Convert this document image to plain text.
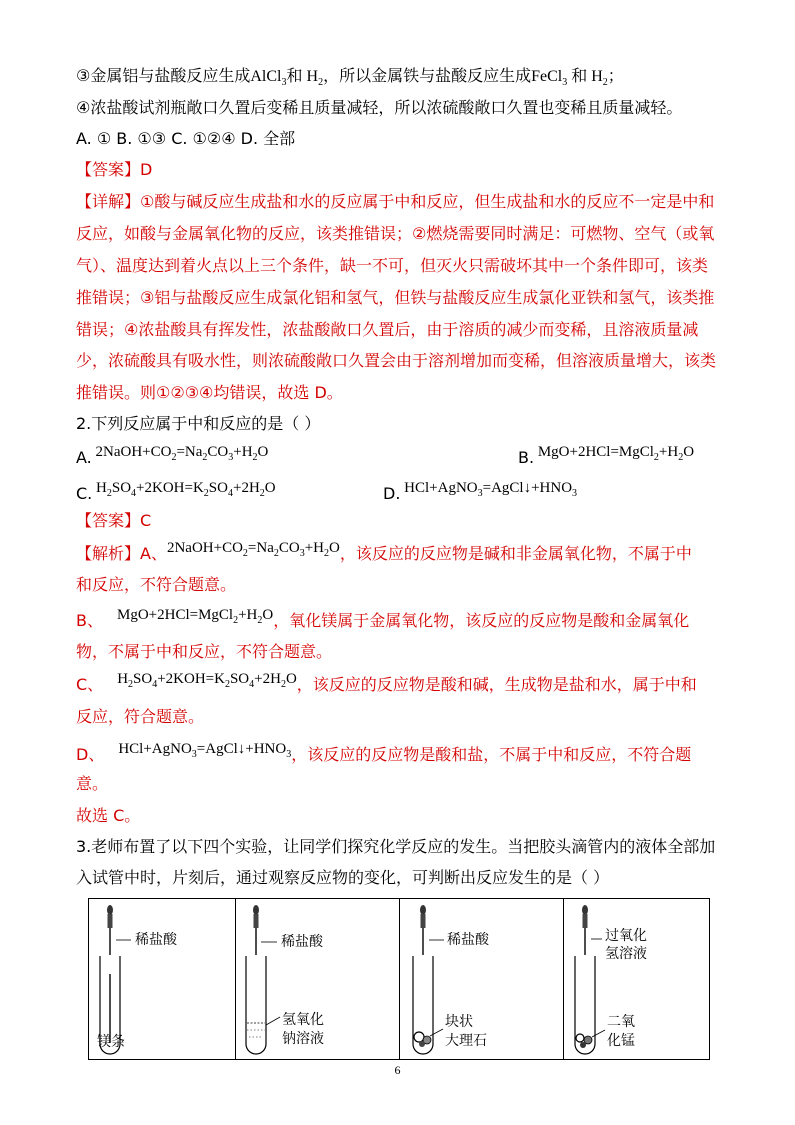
③金属铝与盐酸反应生成AlCl$_3$和 $H_2$，所以金属铁与盐酸反应生成FeCl$_3$ 和 $H_2$；
④浓盐酸试剂瓶敞口久置后变稀且质量减轻，所以浓硫酸敞口久置也变稀且质量减轻。
A. ① B. ①③ C. ①②④ D. 全部
【答案】D
【详解】①酸与碱反应生成盐和水的反应属于中和反应，但生成盐和水的反应不一定是中和
反应，如酸与金属氧化物的反应，该类推错误；②燃烧需要同时满足：可燃物、空气（或氧
气）、温度达到着火点以上三个条件，缺一不可，但灭火只需破坏其中一个条件即可，该类
推错误；③铝与盐酸反应生成氯化铝和氢气，但铁与盐酸反应生成氯化亚铁和氢气，该类推
错误；④浓盐酸具有挥发性，浓盐酸敞口久置后，由于溶质的减少而变稀，且溶液质量减
少，浓硫酸具有吸水性，则浓硫酸敞口久置会由于溶剂增加而变稀，但溶液质量增大，该类
推错误。则①②③④均错误，故选 D。
2.下列反应属于中和反应的是（ ）
A. $2NaOH+CO_2=Na_2CO_3+H_2O$	B. $MgO+2HCl=MgCl_2+H_2O$
C. $H_2SO_4+2KOH=K_2SO_4+2H_2O$	D. $HCl+AgNO_3=AgCl↓+HNO_3$
【答案】C
【解析】A、$2NaOH+CO_2=Na_2CO_3+H_2O$，该反应的反应物是碱和非金属氧化物，不属于中
和反应，不符合题意。
B、 $MgO+2HCl=MgCl_2+H_2O$，氧化镁属于金属氧化物，该反应的反应物是酸和金属氧化
物，不属于中和反应，不符合题意。
C、 $H_2SO_4+2KOH=K_2SO_4+2H_2O$，该反应的反应物是酸和碱，生成物是盐和水，属于中和
反应，符合题意。
D、 $HCl+AgNO_3=AgCl↓+HNO_3$，该反应的反应物是酸和盐，不属于中和反应，不符合题
意。
故选 C。
3.老师布置了以下四个实验，让同学们探究化学反应的发生。当把胶头滴管内的液体全部加
入试管中时，片刻后，通过观察反应物的变化，可判断出反应发生的是（ ）
稀盐酸
镁条
稀盐酸
氢氧化
钠溶液
稀盐酸
块状
大理石
过氧化
氢溶液
二氧
化锰
6
